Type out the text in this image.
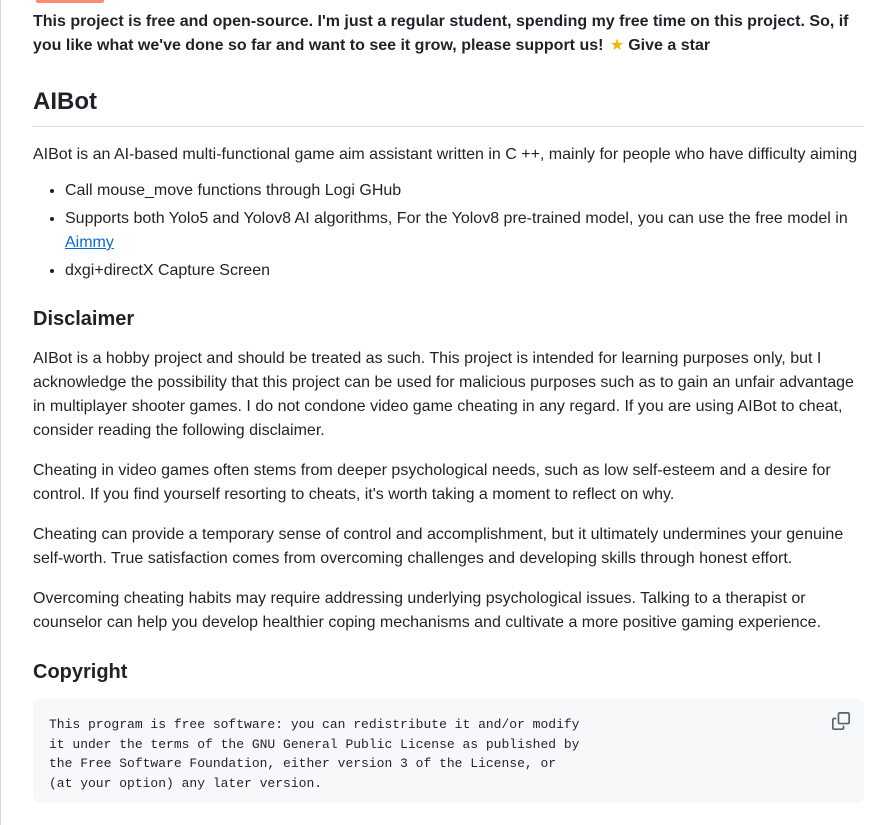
This project is free and open-source. I'm just a regular student, spending my free time on this project. So, if you like what we've done so far and want to see it grow, please support us! ★ Give a star

AIBot

AIBot is an AI-based multi-functional game aim assistant written in C ++, mainly for people who have difficulty aiming

• Call mouse_move functions through Logi GHub
• Supports both Yolo5 and Yolov8 AI algorithms, For the Yolov8 pre-trained model, you can use the free model in Aimmy
• dxgi+directX Capture Screen
Disclaimer

AIBot is a hobby project and should be treated as such. This project is intended for learning purposes only, but I acknowledge the possibility that this project can be used for malicious purposes such as to gain an unfair advantage in multiplayer shooter games. I do not condone video game cheating in any regard. If you are using AIBot to cheat, consider reading the following disclaimer.

Cheating in video games often stems from deeper psychological needs, such as low self-esteem and a desire for control. If you find yourself resorting to cheats, it's worth taking a moment to reflect on why.

Cheating can provide a temporary sense of control and accomplishment, but it ultimately undermines your genuine self-worth. True satisfaction comes from overcoming challenges and developing skills through honest effort.

Overcoming cheating habits may require addressing underlying psychological issues. Talking to a therapist or counselor can help you develop healthier coping mechanisms and cultivate a more positive gaming experience.

Copyright
This program is free software: you can redistribute it and/or modify
it under the terms of the GNU General Public License as published by
the Free Software Foundation, either version 3 of the License, or
(at your option) any later version.
